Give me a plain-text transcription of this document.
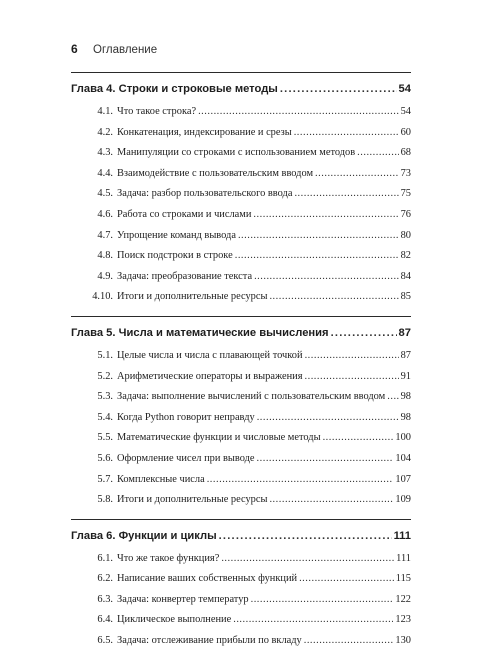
6	Оглавление
Глава 4. Строки и строковые методы .....	54
4.1. Что такое строка? .....	54
4.2. Конкатенация, индексирование и срезы .....	60
4.3. Манипуляции со строками с использованием методов .....	68
4.4. Взаимодействие с пользовательским вводом .....	73
4.5. Задача: разбор пользовательского ввода .....	75
4.6. Работа со строками и числами .....	76
4.7. Упрощение команд вывода .....	80
4.8. Поиск подстроки в строке .....	82
4.9. Задача: преобразование текста .....	84
4.10. Итоги и дополнительные ресурсы .....	85
Глава 5. Числа и математические вычисления .....	87
5.1. Целые числа и числа с плавающей точкой .....	87
5.2. Арифметические операторы и выражения .....	91
5.3. Задача: выполнение вычислений с пользовательским вводом ..... 98
5.4. Когда Python говорит неправду .....	98
5.5. Математические функции и числовые методы .....	100
5.6. Оформление чисел при выводе .....	104
5.7. Комплексные числа .....	107
5.8. Итоги и дополнительные ресурсы .....	109
Глава 6. Функции и циклы .....	111
6.1. Что же такое функция? .....	111
6.2. Написание ваших собственных функций .....	115
6.3. Задача: конвертер температур .....	122
6.4. Циклическое выполнение .....	123
6.5. Задача: отслеживание прибыли по вкладу .....	130
